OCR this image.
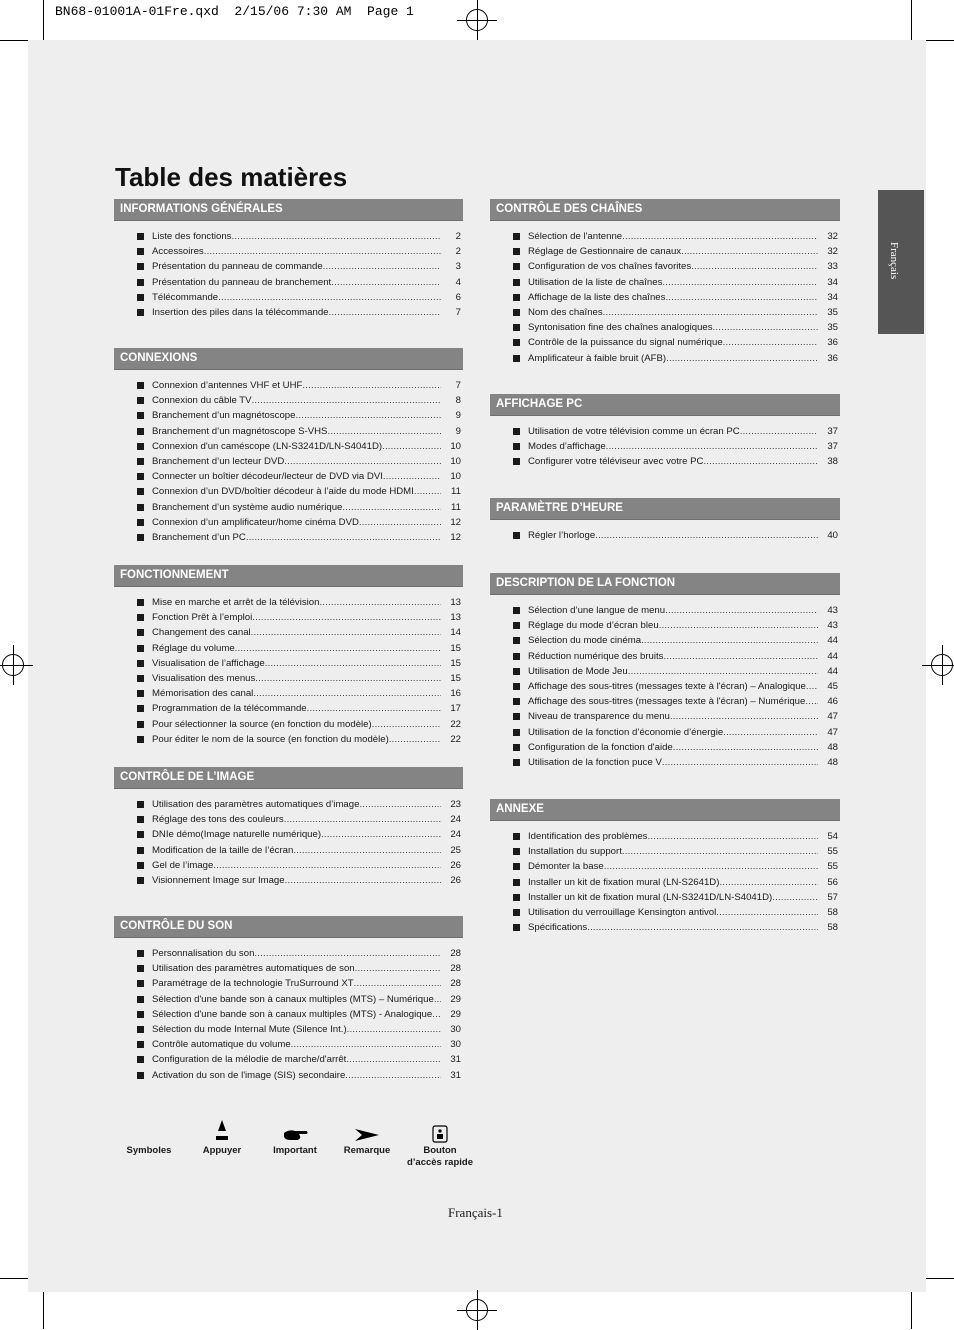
BN68-01001A-01Fre.qxd  2/15/06 7:30 AM  Page 1
Table des matières
Français
INFORMATIONS GÉNÉRALES
Liste des fonctions .....	2
Accessoires .....	2
Présentation du panneau de commande .....	3
Présentation du panneau de branchement .....	4
Télécommande .....	6
Insertion des piles dans la télécommande .....	7
CONNEXIONS
Connexion d’antennes VHF et UHF .....	7
Connexion du câble TV .....	8
Branchement d’un magnétoscope .....	9
Branchement d’un magnétoscope S-VHS .....	9
Connexion d'un caméscope (LN-S3241D/LN-S4041D) .....	10
Branchement d’un lecteur DVD .....	10
Connecter un boîtier décodeur/lecteur de DVD via DVI .....	10
Connexion d’un DVD/boîtier décodeur à l’aide du mode HDMI .....	11
Branchement d’un système audio numérique .....	11
Connexion d’un amplificateur/home cinéma DVD .....	12
Branchement d’un PC .....	12
FONCTIONNEMENT
Mise en marche et arrêt de la télévision .....	13
Fonction Prêt à l’emploi .....	13
Changement des canal .....	14
Réglage du volume .....	15
Visualisation de l’affichage .....	15
Visualisation des menus .....	15
Mémorisation des canal .....	16
Programmation de la télécommande .....	17
Pour sélectionner la source (en fonction du modèle) .....	22
Pour éditer le nom de la source (en fonction du modèle) .....	22
CONTRÔLE DE L’IMAGE
Utilisation des paramètres automatiques d’image .....	23
Réglage des tons des couleurs .....	24
DNIe démo(Image naturelle numérique) .....	24
Modification de la taille de l’écran .....	25
Gel de l’image .....	26
Visionnement Image sur Image .....	26
CONTRÔLE DU SON
Personnalisation du son .....	28
Utilisation des paramètres automatiques de son .....	28
Paramétrage de la technologie TruSurround XT .....	28
Sélection d'une bande son à canaux multiples (MTS) – Numérique .....	29
Sélection d'une bande son à canaux multiples (MTS) - Analogique .....	29
Sélection du mode Internal Mute (Silence Int.) .....	30
Contrôle automatique du volume .....	30
Configuration de la mélodie de marche/d'arrêt .....	31
Activation du son de l'image (SIS) secondaire .....	31
CONTRÔLE DES CHAÎNES
Sélection de l'antenne .....	32
Réglage de Gestionnaire de canaux .....	32
Configuration de vos chaînes favorites .....	33
Utilisation de la liste de chaînes .....	34
Affichage de la liste des chaînes .....	34
Nom des chaînes .....	35
Syntonisation fine des chaînes analogiques .....	35
Contrôle de la puissance du signal numérique .....	36
Amplificateur à faible bruit (AFB) .....	36
AFFICHAGE PC
Utilisation de votre télévision comme un écran PC .....	37
Modes d’affichage .....	37
Configurer votre téléviseur avec votre PC .....	38
PARAMÈTRE D’HEURE
Régler l’horloge .....	40
DESCRIPTION DE LA FONCTION
Sélection d’une langue de menu .....	43
Réglage du mode d’écran bleu .....	43
Sélection du mode cinéma .....	44
Réduction numérique des bruits .....	44
Utilisation de Mode Jeu .....	44
Affichage des sous-titres (messages texte à l'écran) – Analogique .....	45
Affichage des sous-titres (messages texte à l'écran) – Numérique .....	46
Niveau de transparence du menu .....	47
Utilisation de la fonction d’économie d’énergie .....	47
Configuration de la fonction d'aide .....	48
Utilisation de la fonction puce V .....	48
ANNEXE
Identification des problèmes .....	54
Installation du support .....	55
Démonter la base .....	55
Installer un kit de fixation mural (LN-S2641D) .....	56
Installer un kit de fixation mural (LN-S3241D/LN-S4041D) .....	57
Utilisation du verrouillage Kensington antivol .....	58
Spécifications .....	58
Symboles	Appuyer	Important	Remarque	Bouton
d’accès rapide
Français-1
